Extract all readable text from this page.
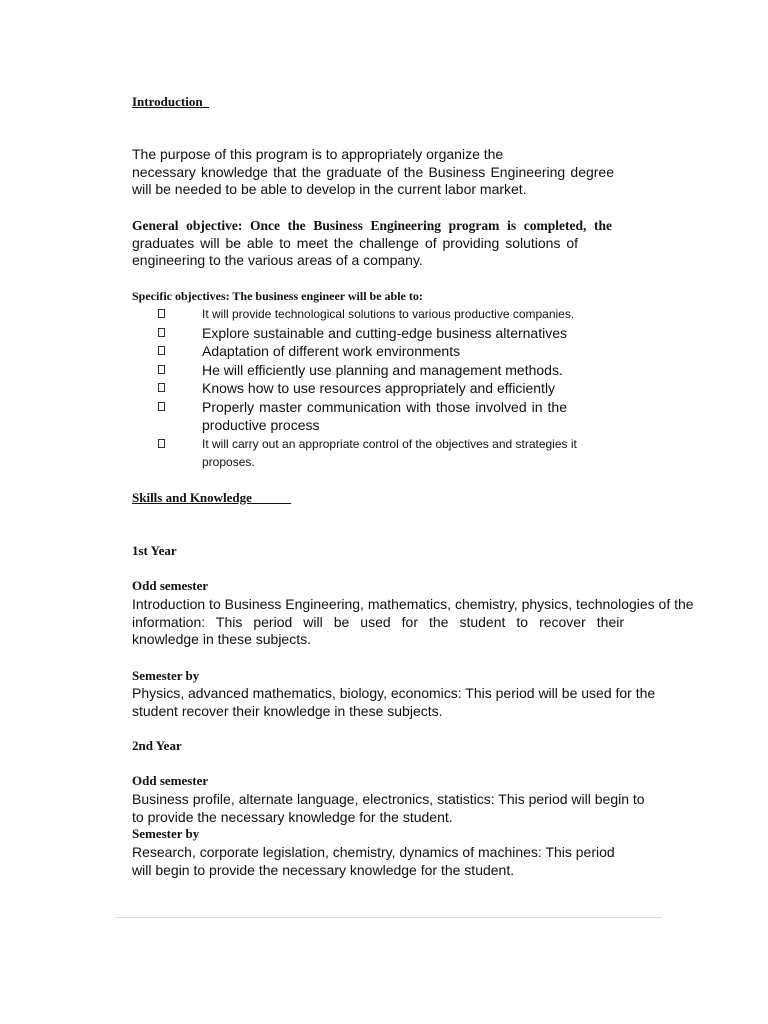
Introduction
The purpose of this program is to appropriately organize the
necessary knowledge that the graduate of the Business Engineering degree
will be needed to be able to develop in the current labor market.
General objective: Once the Business Engineering program is completed, the
graduates will be able to meet the challenge of providing solutions of
engineering to the various areas of a company.
Specific objectives: The business engineer will be able to:
It will provide technological solutions to various productive companies.
Explore sustainable and cutting-edge business alternatives
Adaptation of different work environments
He will efficiently use planning and management methods.
Knows how to use resources appropriately and efficiently
Properly master communication with those involved in the
productive process
It will carry out an appropriate control of the objectives and strategies it proposes.
Skills and Knowledge
1st Year
Odd semester
Introduction to Business Engineering, mathematics, chemistry, physics, technologies of the
information: This period will be used for the student to recover their
knowledge in these subjects.
Semester by
Physics, advanced mathematics, biology, economics: This period will be used for the
student recover their knowledge in these subjects.
2nd Year
Odd semester
Business profile, alternate language, electronics, statistics: This period will begin to
to provide the necessary knowledge for the student.
Semester by
Research, corporate legislation, chemistry, dynamics of machines: This period
will begin to provide the necessary knowledge for the student.
